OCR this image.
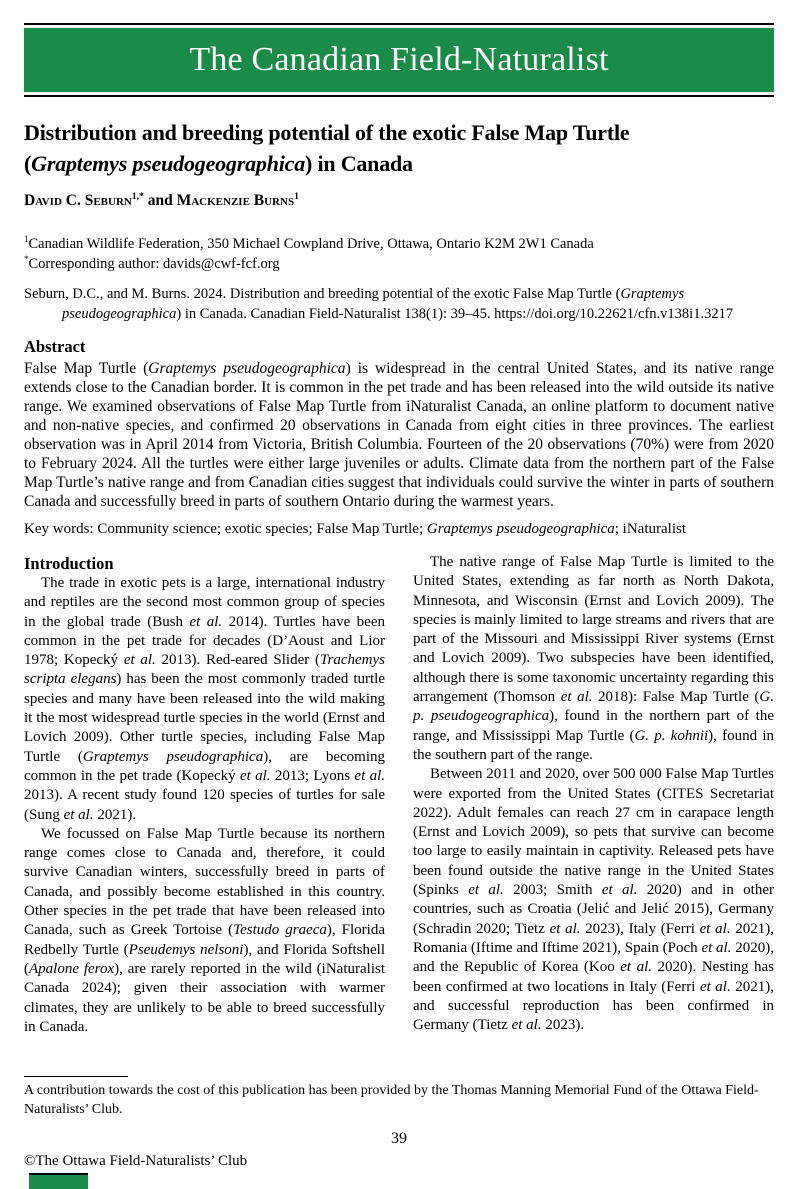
The Canadian Field-Naturalist
Distribution and breeding potential of the exotic False Map Turtle
(Graptemys pseudogeographica) in Canada
David C. Seburn$^{1,*}$ and Mackenzie Burns$^1$
$^1$Canadian Wildlife Federation, 350 Michael Cowpland Drive, Ottawa, Ontario K2M 2W1 Canada
*Corresponding author: davids@cwf-fcf.org
Seburn, D.C., and M. Burns. 2024. Distribution and breeding potential of the exotic False Map Turtle (Graptemys pseudogeographica) in Canada. Canadian Field-Naturalist 138(1): 39–45. https://doi.org/10.22621/cfn.v138i1.3217
Abstract

False Map Turtle (Graptemys pseudogeographica) is widespread in the central United States, and its native range extends close to the Canadian border. It is common in the pet trade and has been released into the wild outside its native range. We examined observations of False Map Turtle from iNaturalist Canada, an online platform to document native and non-native species, and confirmed 20 observations in Canada from eight cities in three provinces. The earliest observation was in April 2014 from Victoria, British Columbia. Fourteen of the 20 observations (70%) were from 2020 to February 2024. All the turtles were either large juveniles or adults. Climate data from the northern part of the False Map Turtle’s native range and from Canadian cities suggest that individuals could survive the winter in parts of southern Canada and successfully breed in parts of southern Ontario during the warmest years.

Key words: Community science; exotic species; False Map Turtle; Graptemys pseudogeographica; iNaturalist

Introduction

The trade in exotic pets is a large, international industry and reptiles are the second most common group of species in the global trade (Bush et al. 2014). Turtles have been common in the pet trade for decades (D’Aoust and Lior 1978; Kopecký et al. 2013). Red-eared Slider (Trachemys scripta elegans) has been the most commonly traded turtle species and many have been released into the wild making it the most widespread turtle species in the world (Ernst and Lovich 2009). Other turtle species, including False Map Turtle (Graptemys pseudographica), are becoming common in the pet trade (Kopecký et al. 2013; Lyons et al. 2013). A recent study found 120 species of turtles for sale (Sung et al. 2021).

We focussed on False Map Turtle because its northern range comes close to Canada and, therefore, it could survive Canadian winters, successfully breed in parts of Canada, and possibly become established in this country. Other species in the pet trade that have been released into Canada, such as Greek Tortoise (Testudo graeca), Florida Redbelly Turtle (Pseudemys nelsoni), and Florida Softshell (Apalone ferox), are rarely reported in the wild (iNaturalist Canada 2024); given their association with warmer climates, they are unlikely to be able to breed successfully in Canada.

The native range of False Map Turtle is limited to the United States, extending as far north as North Dakota, Minnesota, and Wisconsin (Ernst and Lovich 2009). The species is mainly limited to large streams and rivers that are part of the Missouri and Mississippi River systems (Ernst and Lovich 2009). Two subspecies have been identified, although there is some taxonomic uncertainty regarding this arrangement (Thomson et al. 2018): False Map Turtle (G. p. pseudogeographica), found in the northern part of the range, and Mississippi Map Turtle (G. p. kohnii), found in the southern part of the range.

Between 2011 and 2020, over 500 000 False Map Turtles were exported from the United States (CITES Secretariat 2022). Adult females can reach 27 cm in carapace length (Ernst and Lovich 2009), so pets that survive can become too large to easily maintain in captivity. Released pets have been found outside the native range in the United States (Spinks et al. 2003; Smith et al. 2020) and in other countries, such as Croatia (Jelić and Jelić 2015), Germany (Schradin 2020; Tietz et al. 2023), Italy (Ferri et al. 2021), Romania (Iftime and Iftime 2021), Spain (Poch et al. 2020), and the Republic of Korea (Koo et al. 2020). Nesting has been confirmed at two locations in Italy (Ferri et al. 2021), and successful reproduction has been confirmed in Germany (Tietz et al. 2023).

A contribution towards the cost of this publication has been provided by the Thomas Manning Memorial Fund of the Ottawa Field-Naturalists’ Club.
39
©The Ottawa Field-Naturalists’ Club
